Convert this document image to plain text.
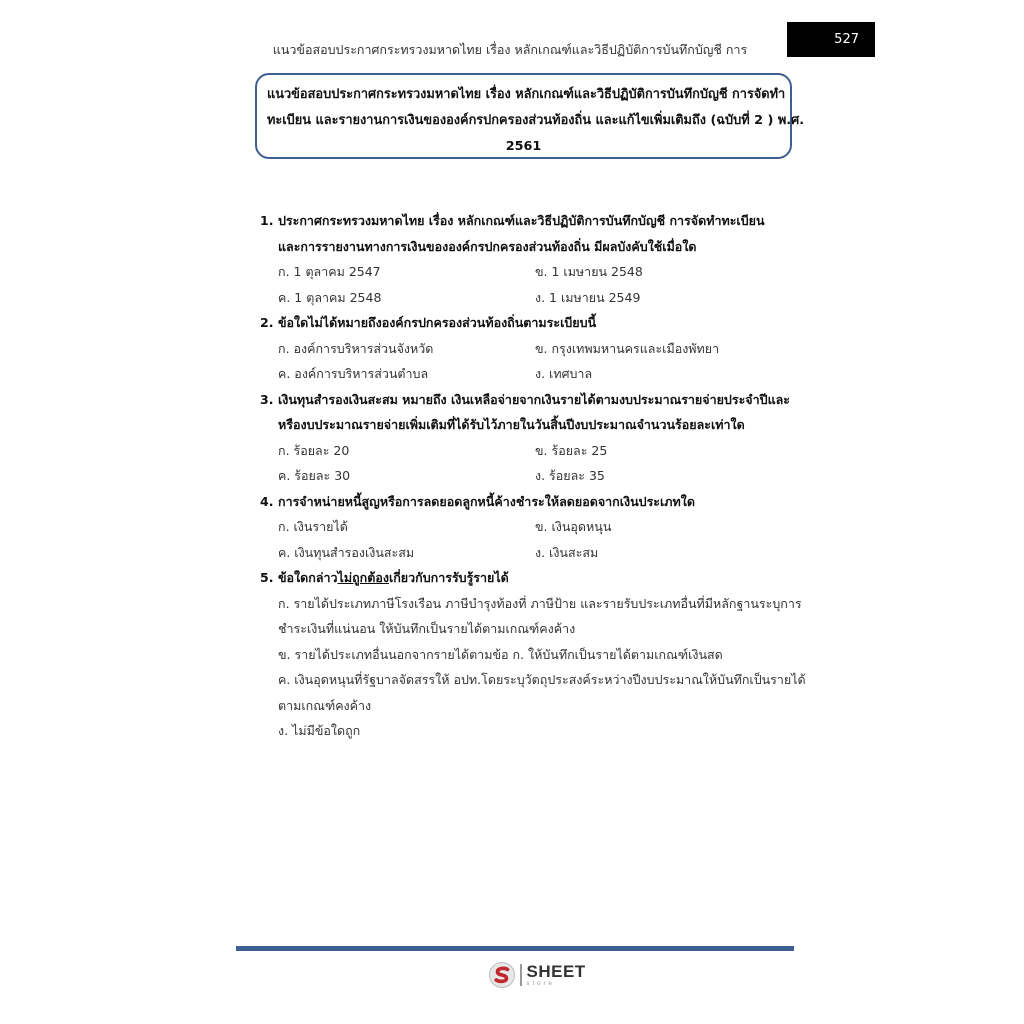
แนวข้อสอบประกาศกระทรวงมหาดไทย เรื่อง หลักเกณฑ์และวิธีปฏิบัติการบันทึกบัญชี การ
527
แนวข้อสอบประกาศกระทรวงมหาดไทย เรื่อง หลักเกณฑ์และวิธีปฏิบัติการบันทึกบัญชี การจัดทำ
ทะเบียน และรายงานการเงินขององค์กรปกครองส่วนท้องถิ่น และแก้ไขเพิ่มเติมถึง (ฉบับที่ 2 ) พ.ศ.
2561
1. ประกาศกระทรวงมหาดไทย เรื่อง หลักเกณฑ์และวิธีปฏิบัติการบันทึกบัญชี การจัดทำทะเบียน
และการรายงานทางการเงินขององค์กรปกครองส่วนท้องถิ่น มีผลบังคับใช้เมื่อใด
ก. 1 ตุลาคม 2547	ข. 1 เมษายน 2548
ค. 1 ตุลาคม 2548	ง. 1 เมษายน 2549
2. ข้อใดไม่ได้หมายถึงองค์กรปกครองส่วนท้องถิ่นตามระเบียบนี้
ก. องค์การบริหารส่วนจังหวัด	ข. กรุงเทพมหานครและเมืองพัทยา
ค. องค์การบริหารส่วนตำบล	ง. เทศบาล
3. เงินทุนสำรองเงินสะสม หมายถึง เงินเหลือจ่ายจากเงินรายได้ตามงบประมาณรายจ่ายประจำปีและ
หรืองบประมาณรายจ่ายเพิ่มเติมที่ได้รับไว้ภายในวันสิ้นปีงบประมาณจำนวนร้อยละเท่าใด
ก. ร้อยละ 20	ข. ร้อยละ 25
ค. ร้อยละ 30	ง. ร้อยละ 35
4. การจำหน่ายหนี้สูญหรือการลดยอดลูกหนี้ค้างชำระให้ลดยอดจากเงินประเภทใด
ก. เงินรายได้	ข. เงินอุดหนุน
ค. เงินทุนสำรองเงินสะสม	ง. เงินสะสม
5. ข้อใดกล่าวไม่ถูกต้องเกี่ยวกับการรับรู้รายได้
ก. รายได้ประเภทภาษีโรงเรือน ภาษีบำรุงท้องที่ ภาษีป้าย และรายรับประเภทอื่นที่มีหลักฐานระบุการ
ชำระเงินที่แน่นอน ให้บันทึกเป็นรายได้ตามเกณฑ์คงค้าง
ข. รายได้ประเภทอื่นนอกจากรายได้ตามข้อ ก. ให้บันทึกเป็นรายได้ตามเกณฑ์เงินสด
ค. เงินอุดหนุนที่รัฐบาลจัดสรรให้ อปท.โดยระบุวัตถุประสงค์ระหว่างปีงบประมาณให้บันทึกเป็นรายได้
ตามเกณฑ์คงค้าง
ง. ไม่มีข้อใดถูก
SHEET
store
